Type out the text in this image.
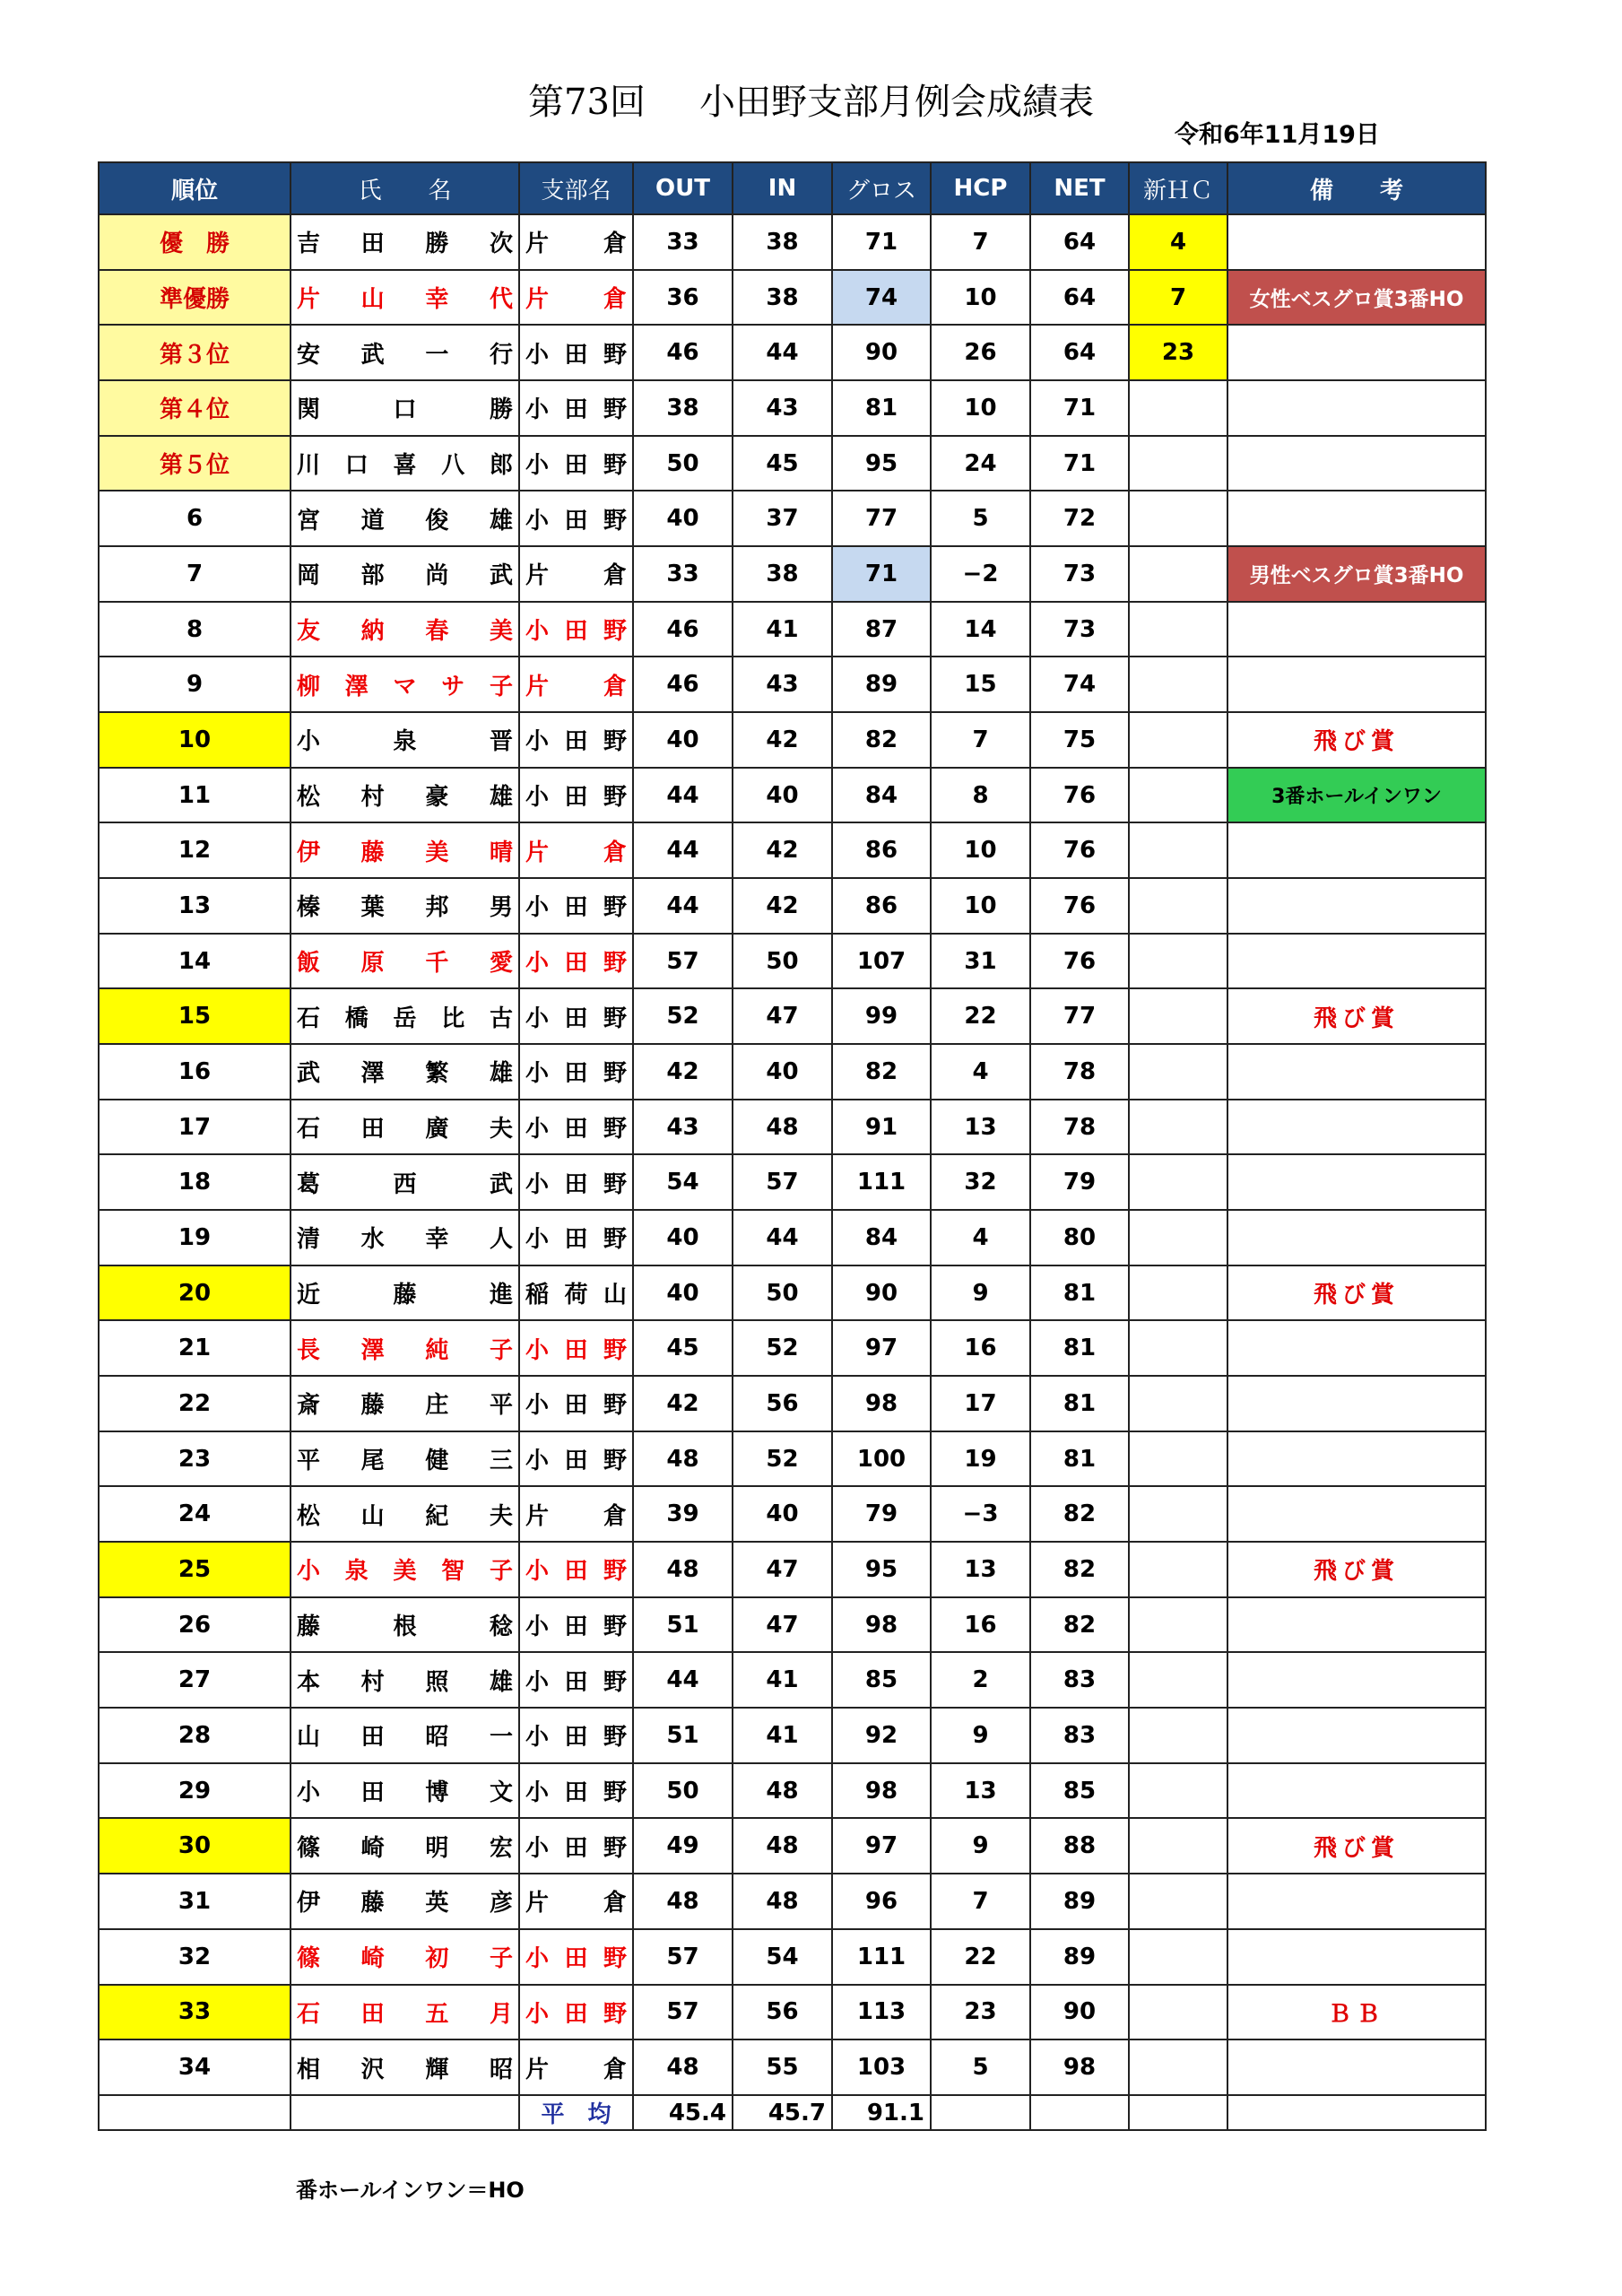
第73回 小田野支部月例会成績表
令和6年11月19日
順位	氏　　名	支部名	OUT	IN	グロス	HCP	NET	新ＨＣ	備　　考
優　勝	吉 田 勝 次	片 倉	33	38	71	7	64	4	
準優勝	片 山 幸 代	片 倉	36	38	74	10	64	7	女性ベスグロ賞3番HO
第３位	安 武 一 行	小 田 野	46	44	90	26	64	23	
第４位	関 口 勝	小 田 野	38	43	81	10	71		
第５位	川 口 喜 八 郎	小 田 野	50	45	95	24	71		
6	宮 道 俊 雄	小 田 野	40	37	77	5	72		
7	岡 部 尚 武	片 倉	33	38	71	−2	73		男性ベスグロ賞3番HO
8	友 納 春 美	小 田 野	46	41	87	14	73		
9	柳 澤 マ サ 子	片 倉	46	43	89	15	74		
10	小 泉 晋	小 田 野	40	42	82	7	75		飛び賞
11	松 村 豪 雄	小 田 野	44	40	84	8	76		3番ホールインワン
12	伊 藤 美 晴	片 倉	44	42	86	10	76		
13	榛 葉 邦 男	小 田 野	44	42	86	10	76		
14	飯 原 千 愛	小 田 野	57	50	107	31	76		
15	石 橋 岳 比 古	小 田 野	52	47	99	22	77		飛び賞
16	武 澤 繁 雄	小 田 野	42	40	82	4	78		
17	石 田 廣 夫	小 田 野	43	48	91	13	78		
18	葛 西 武	小 田 野	54	57	111	32	79		
19	清 水 幸 人	小 田 野	40	44	84	4	80		
20	近 藤 進	稲 荷 山	40	50	90	9	81		飛び賞
21	長 澤 純 子	小 田 野	45	52	97	16	81		
22	斎 藤 庄 平	小 田 野	42	56	98	17	81		
23	平 尾 健 三	小 田 野	48	52	100	19	81		
24	松 山 紀 夫	片 倉	39	40	79	−3	82		
25	小 泉 美 智 子	小 田 野	48	47	95	13	82		飛び賞
26	藤 根 稔	小 田 野	51	47	98	16	82		
27	本 村 照 雄	小 田 野	44	41	85	2	83		
28	山 田 昭 一	小 田 野	51	41	92	9	83		
29	小 田 博 文	小 田 野	50	48	98	13	85		
30	篠 崎 明 宏	小 田 野	49	48	97	9	88		飛び賞
31	伊 藤 英 彦	片 倉	48	48	96	7	89		
32	篠 崎 初 子	小 田 野	57	54	111	22	89		
33	石 田 五 月	小 田 野	57	56	113	23	90		ＢＢ
34	相 沢 輝 昭	片 倉	48	55	103	5	98		
		平　均	45.4	45.7	91.1				
番ホールインワン＝HO
